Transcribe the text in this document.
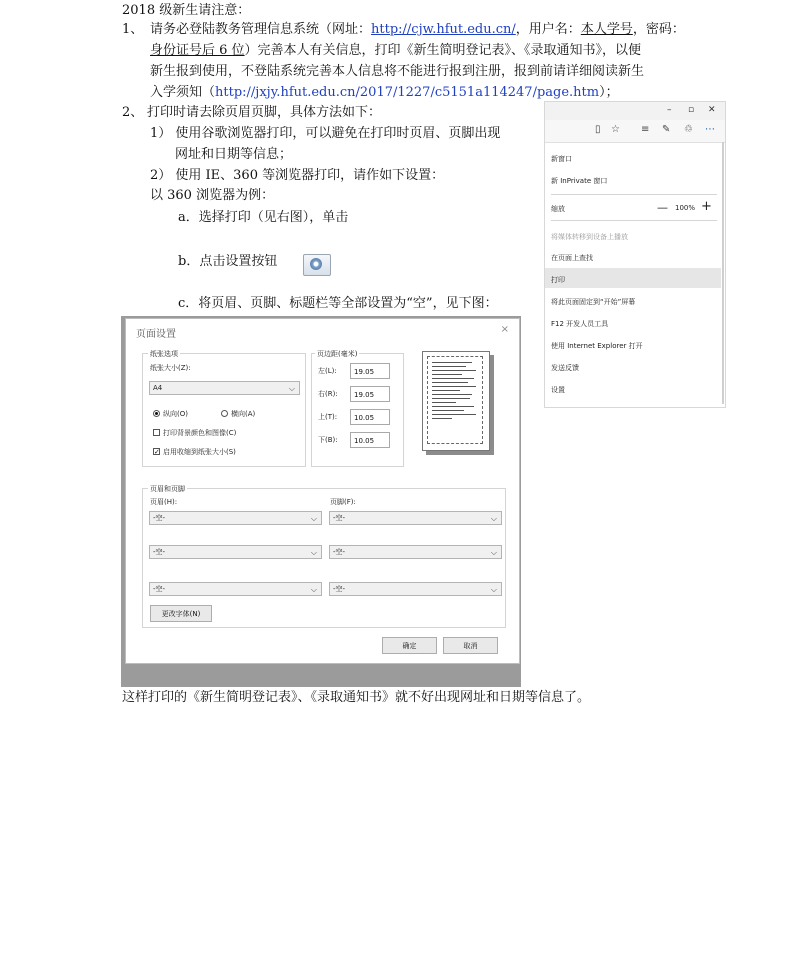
2018 级新生请注意：
1、 请务必登陆教务管理信息系统（网址：http://cjw.hfut.edu.cn/，用户名：本人学号，密码：
身份证号后 6 位）完善本人有关信息，打印《新生简明登记表》、《录取通知书》，以便
新生报到使用，不登陆系统完善本人信息将不能进行报到注册，报到前请详细阅读新生
入学须知（http://jxjy.hfut.edu.cn/2017/1227/c5151a114247/page.htm）；
2、 打印时请去除页眉页脚，具体方法如下：
1） 使用谷歌浏览器打印，可以避免在打印时页眉、页脚出现
网址和日期等信息；
2） 使用 IE、360 等浏览器打印，请作如下设置：
以 360 浏览器为例：
a．选择打印（见右图），单击
b．点击设置按钮
c．将页眉、页脚、标题栏等全部设置为“空”，见下图：
– ▫ ✕
▯ ☆ ≡ ✎ ♲ ⋯
新窗口
新 InPrivate 窗口
缩放	— 100% +
将媒体转移到设备上播放
在页面上查找
打印
将此页面固定到“开始”屏幕
F12 开发人员工具
使用 Internet Explorer 打开
发送反馈
设置
页面设置	×
纸张选项
纸张大小(Z):
A4	⌵
纵向(O)	横向(A)
打印背景颜色和图像(C)
✓ 启用收缩到纸张大小(S)
页边距(毫米)
左(L):	19.05
右(R):	19.05
上(T):	10.05
下(B):	10.05
页眉和页脚
页眉(H):	页脚(F):
-空-	⌵	-空-	⌵
-空-	⌵	-空-	⌵
-空-	⌵	-空-	⌵
更改字体(N)
确定	取消
这样打印的《新生简明登记表》、《录取通知书》就不好出现网址和日期等信息了。
